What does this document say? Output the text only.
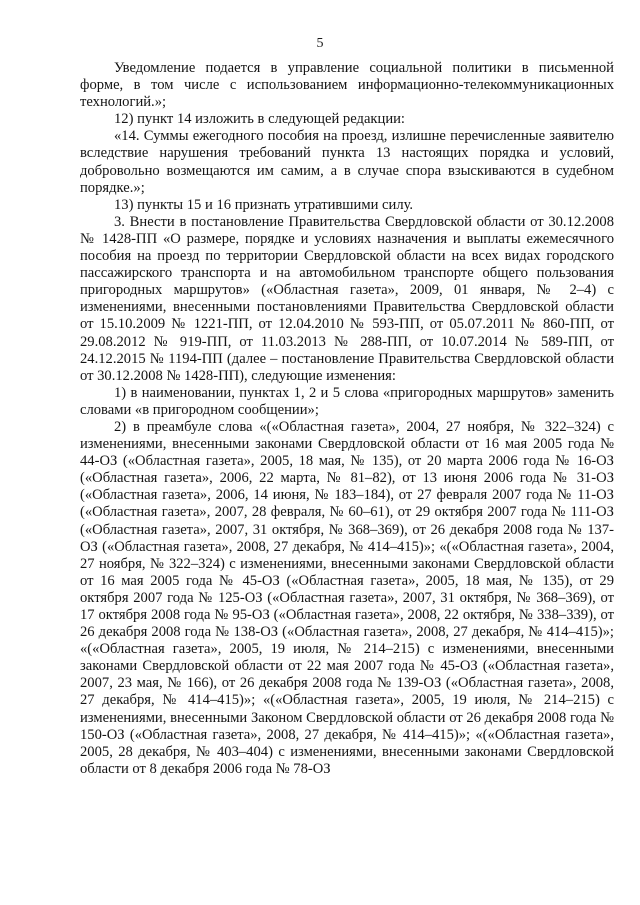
5

Уведомление подается в управление социальной политики в письменной форме, в том числе с использованием информационно-телекоммуникационных технологий.»;

12) пункт 14 изложить в следующей редакции:

«14. Суммы ежегодного пособия на проезд, излишне перечисленные заявителю вследствие нарушения требований пункта 13 настоящих порядка и условий, добровольно возмещаются им самим, а в случае спора взыскиваются в судебном порядке.»;

13) пункты 15 и 16 признать утратившими силу.

3. Внести в постановление Правительства Свердловской области от 30.12.2008 № 1428-ПП «О размере, порядке и условиях назначения и выплаты ежемесячного пособия на проезд по территории Свердловской области на всех видах городского пассажирского транспорта и на автомобильном транспорте общего пользования пригородных маршрутов» («Областная газета», 2009, 01 января, № 2–4) с изменениями, внесенными постановлениями Правительства Свердловской области от 15.10.2009 № 1221-ПП, от 12.04.2010 № 593-ПП, от 05.07.2011 № 860-ПП, от 29.08.2012 № 919-ПП, от 11.03.2013 № 288-ПП, от 10.07.2014 № 589-ПП, от 24.12.2015 № 1194-ПП (далее – постановление Правительства Свердловской области от 30.12.2008 № 1428-ПП), следующие изменения:

1) в наименовании, пунктах 1, 2 и 5 слова «пригородных маршрутов» заменить словами «в пригородном сообщении»;

2) в преамбуле слова «(«Областная газета», 2004, 27 ноября, № 322–324) с изменениями, внесенными законами Свердловской области от 16 мая 2005 года № 44-ОЗ («Областная газета», 2005, 18 мая, № 135), от 20 марта 2006 года № 16-ОЗ («Областная газета», 2006, 22 марта, № 81–82), от 13 июня 2006 года № 31-ОЗ («Областная газета», 2006, 14 июня, № 183–184), от 27 февраля 2007 года № 11-ОЗ («Областная газета», 2007, 28 февраля, № 60–61), от 29 октября 2007 года № 111-ОЗ («Областная газета», 2007, 31 октября, № 368–369), от 26 декабря 2008 года № 137-ОЗ («Областная газета», 2008, 27 декабря, № 414–415)»; «(«Областная газета», 2004, 27 ноября, № 322–324) с изменениями, внесенными законами Свердловской области от 16 мая 2005 года № 45-ОЗ («Областная газета», 2005, 18 мая, № 135), от 29 октября 2007 года № 125-ОЗ («Областная газета», 2007, 31 октября, № 368–369), от 17 октября 2008 года № 95-ОЗ («Областная газета», 2008, 22 октября, № 338–339), от 26 декабря 2008 года № 138-ОЗ («Областная газета», 2008, 27 декабря, № 414–415)»; «(«Областная газета», 2005, 19 июля, № 214–215) с изменениями, внесенными законами Свердловской области от 22 мая 2007 года № 45-ОЗ («Областная газета», 2007, 23 мая, № 166), от 26 декабря 2008 года № 139-ОЗ («Областная газета», 2008, 27 декабря, № 414–415)»; «(«Областная газета», 2005, 19 июля, № 214–215) с изменениями, внесенными Законом Свердловской области от 26 декабря 2008 года № 150-ОЗ («Областная газета», 2008, 27 декабря, № 414–415)»; «(«Областная газета», 2005, 28 декабря, № 403–404) с изменениями, внесенными законами Свердловской области от 8 декабря 2006 года № 78-ОЗ
